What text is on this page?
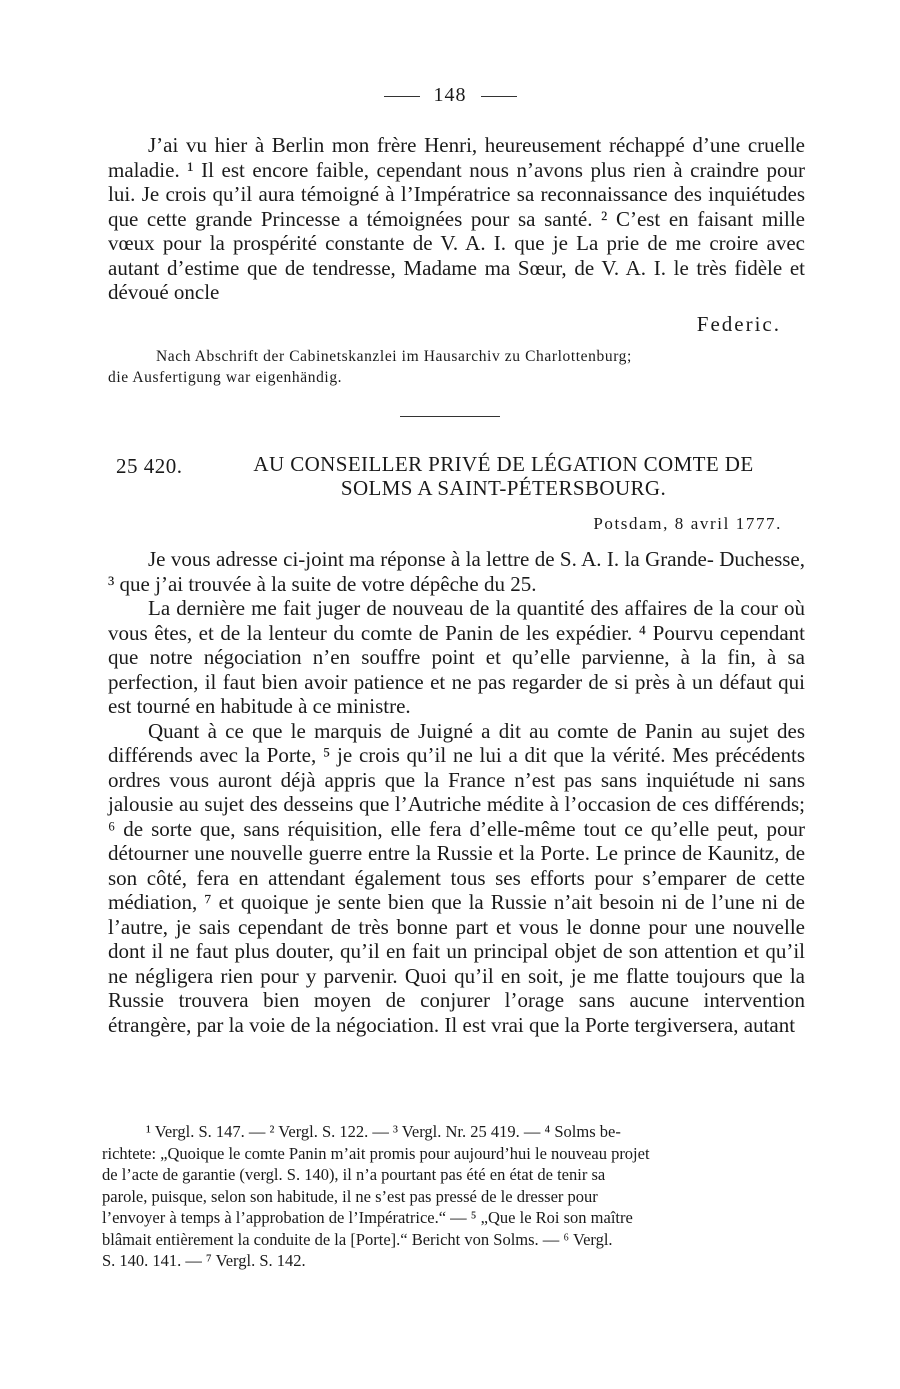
148

J’ai vu hier à Berlin mon frère Henri, heureusement réchappé d’une cruelle maladie. ¹ Il est encore faible, cependant nous n’avons plus rien à craindre pour lui. Je crois qu’il aura témoigné à l’Impératrice sa reconnaissance des inquiétudes que cette grande Princesse a témoignées pour sa santé. ² C’est en faisant mille vœux pour la prospérité constante de V. A. I. que je La prie de me croire avec autant d’estime que de tendresse, Madame ma Sœur, de V. A. I. le très fidèle et dévoué oncle

Federic.
Nach Abschrift der Cabinetskanzlei im Hausarchiv zu Charlottenburg;
die Ausfertigung war eigenhändig.
25 420.	AU CONSEILLER PRIVÉ DE LÉGATION COMTE DE
SOLMS A SAINT-PÉTERSBOURG.
Potsdam, 8 avril 1777.

Je vous adresse ci-joint ma réponse à la lettre de S. A. I. la Grande- Duchesse, ³ que j’ai trouvée à la suite de votre dépêche du 25.

La dernière me fait juger de nouveau de la quantité des affaires de la cour où vous êtes, et de la lenteur du comte de Panin de les expédier. ⁴ Pourvu cependant que notre négociation n’en souffre point et qu’elle parvienne, à la fin, à sa perfection, il faut bien avoir patience et ne pas regarder de si près à un défaut qui est tourné en habitude à ce ministre.

Quant à ce que le marquis de Juigné a dit au comte de Panin au sujet des différends avec la Porte, ⁵ je crois qu’il ne lui a dit que la vérité. Mes précédents ordres vous auront déjà appris que la France n’est pas sans inquiétude ni sans jalousie au sujet des desseins que l’Autriche médite à l’occasion de ces différends; ⁶ de sorte que, sans réquisition, elle fera d’elle-même tout ce qu’elle peut, pour détourner une nouvelle guerre entre la Russie et la Porte. Le prince de Kaunitz, de son côté, fera en attendant également tous ses efforts pour s’emparer de cette médiation, ⁷ et quoique je sente bien que la Russie n’ait besoin ni de l’une ni de l’autre, je sais cependant de très bonne part et vous le donne pour une nouvelle dont il ne faut plus douter, qu’il en fait un principal objet de son attention et qu’il ne négligera rien pour y parvenir. Quoi qu’il en soit, je me flatte toujours que la Russie trouvera bien moyen de conjurer l’orage sans aucune intervention étrangère, par la voie de la négociation. Il est vrai que la Porte tergiversera, autant

¹ Vergl. S. 147. — ² Vergl. S. 122. — ³ Vergl. Nr. 25 419. — ⁴ Solms be-
richtete: „Quoique le comte Panin m’ait promis pour aujourd’hui le nouveau projet
de l’acte de garantie (vergl. S. 140), il n’a pourtant pas été en état de tenir sa
parole, puisque, selon son habitude, il ne s’est pas pressé de le dresser pour
l’envoyer à temps à l’approbation de l’Impératrice.“ — ⁵ „Que le Roi son maître
blâmait entièrement la conduite de la [Porte].“ Bericht von Solms. — ⁶ Vergl.
S. 140. 141. — ⁷ Vergl. S. 142.
